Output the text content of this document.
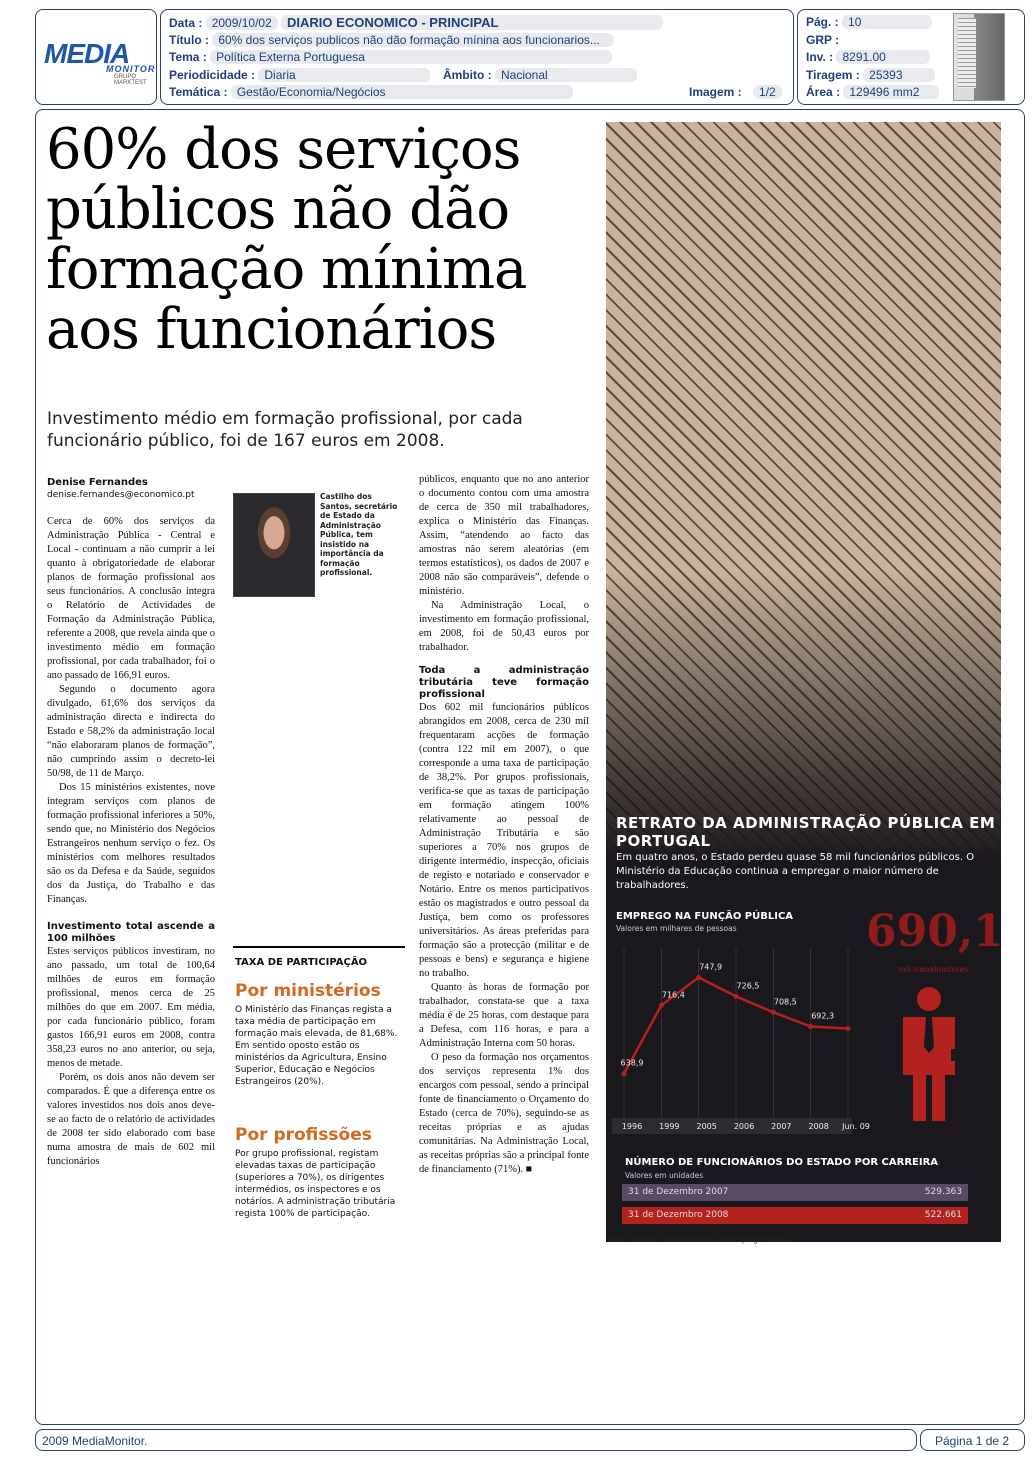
MEDIA
MONITOR
GRUPO MARKTEST
Data : 2009/10/02 DIARIO ECONOMICO - PRINCIPAL
Título : 60% dos serviços publicos não dão formação mínina aos funcionarios...
Tema : Política Externa Portuguesa
Periodicidade : Diaria	Âmbito : Nacional
Temática : Gestão/Economia/Negócios	Imagem : 1/2
Pág. : 10
GRP :
Inv. : 8291.00
Tiragem : 25393
Área : 129496 mm2
60% dos serviços públicos não dão formação mínima aos funcionários

Investimento médio em formação profissional, por cada funcionário público, foi de 167 euros em 2008.

Denise Fernandes
denise.fernandes@economico.pt

Cerca de 60% dos serviços da Administração Pública - Central e Local - continuam a não cumprir a lei quanto à obrigatoriedade de elaborar planos de formação profissional aos seus funcionários. A conclusão integra o Relatório de Actividades de Formação da Administração Pública, referente a 2008, que revela ainda que o investimento médio em formação profissional, por cada trabalhador, foi o ano passado de 166,91 euros.

Segundo o documento agora divulgado, 61,6% dos serviços da administração directa e indirecta do Estado e 58,2% da administração local “não elaboraram planos de formação”, não cumprindo assim o decreto-lei 50/98, de 11 de Março.

Dos 15 ministérios existentes, nove integram serviços com planos de formação profissional inferiores a 50%, sendo que, no Ministério dos Negócios Estrangeiros nenhum serviço o fez. Os ministérios com melhores resultados são os da Defesa e da Saúde, seguidos dos da Justiça, do Trabalho e das Finanças.

Investimento total ascende a 100 milhões

Estes serviços públicos investiram, no ano passado, um total de 100,64 milhões de euros em formação profissional, menos cerca de 25 milhões do que em 2007. Em média, por cada funcionário público, foram gastos 166,91 euros em 2008, contra 358,23 euros no ano anterior, ou seja, menos de metade.

Porém, os dois anos não devem ser comparados. É que a diferença entre os valores investidos nos dois anos deve-se ao facto de o relatório de actividades de 2008 ter sido elaborado com base numa amostra de mais de 602 mil funcionários

Castilho dos Santos, secretário de Estado da Administração Pública, tem insistido na importância da formação profissional.
TAXA DE PARTICIPAÇÃO
Por ministérios
O Ministério das Finanças regista a taxa média de participação em formação mais elevada, de 81,68%. Em sentido oposto estão os ministérios da Agricultura, Ensino Superior, Educação e Negócios Estrangeiros (20%).
Por profissões
Por grupo profissional, registam elevadas taxas de participação (superiores a 70%), os dirigentes intermédios, os inspectores e os notários. A administração tributária regista 100% de participação.

públicos, enquanto que no ano anterior o documento contou com uma amostra de cerca de 350 mil trabalhadores, explica o Ministério das Finanças. Assim, “atendendo ao facto das amostras não serem aleatórias (em termos estatísticos), os dados de 2007 e 2008 não são comparáveis”, defende o ministério.

Na Administração Local, o investimento em formação profissional, em 2008, foi de 50,43 euros por trabalhador.

Toda a administração tributária teve formação profissional

Dos 602 mil funcionários públicos abrangidos em 2008, cerca de 230 mil frequentaram acções de formação (contra 122 mil em 2007), o que corresponde a uma taxa de participação de 38,2%. Por grupos profissionais, verifica-se que as taxas de participação em formação atingem 100% relativamente ao pessoal de Administração Tributária e são superiores a 70% nos grupos de dirigente intermédio, inspecção, oficiais de registo e notariado e conservador e Notário. Entre os menos participativos estão os magistrados e outro pessoal da Justiça, bem como os professores universitários. As áreas preferidas para formação são a protecção (militar e de pessoas e bens) e segurança e higiene no trabalho.

Quanto às horas de formação por trabalhador, constata-se que a taxa média é de 25 horas, com destaque para a Defesa, com 116 horas, e para a Administração Interna com 50 horas.

O peso da formação nos orçamentos dos serviços representa 1% dos encargos com pessoal, sendo a principal fonte de financiamento o Orçamento do Estado (cerca de 70%), seguindo-se as receitas próprias e as ajudas comunitárias. Na Administração Local, as receitas próprias são a principal fonte de financiamento (71%). ■

RETRATO DA ADMINISTRAÇÃO PÚBLICA EM PORTUGAL
Em quatro anos, o Estado perdeu quase 58 mil funcionários públicos. O Ministério da Educação continua a empregar o maior número de trabalhadores.
EMPREGO NA FUNÇÃO PÚBLICA
Valores em milhares de pessoas	690,1
mil trabalhadores
638,9
1996
716,4
1999
747,9
2005
726,5
2006
708,5
2007
692,3
2008 Jun. 09
NÚMERO DE FUNCIONÁRIOS DO ESTADO POR CARREIRA
Valores em unidades
31 de Dezembro 2007	529.363
31 de Dezembro 2008	522.661
Fonte: Boletim do Observatório do Emprego Público
2009 MediaMonitor.	Página 1 de 2
